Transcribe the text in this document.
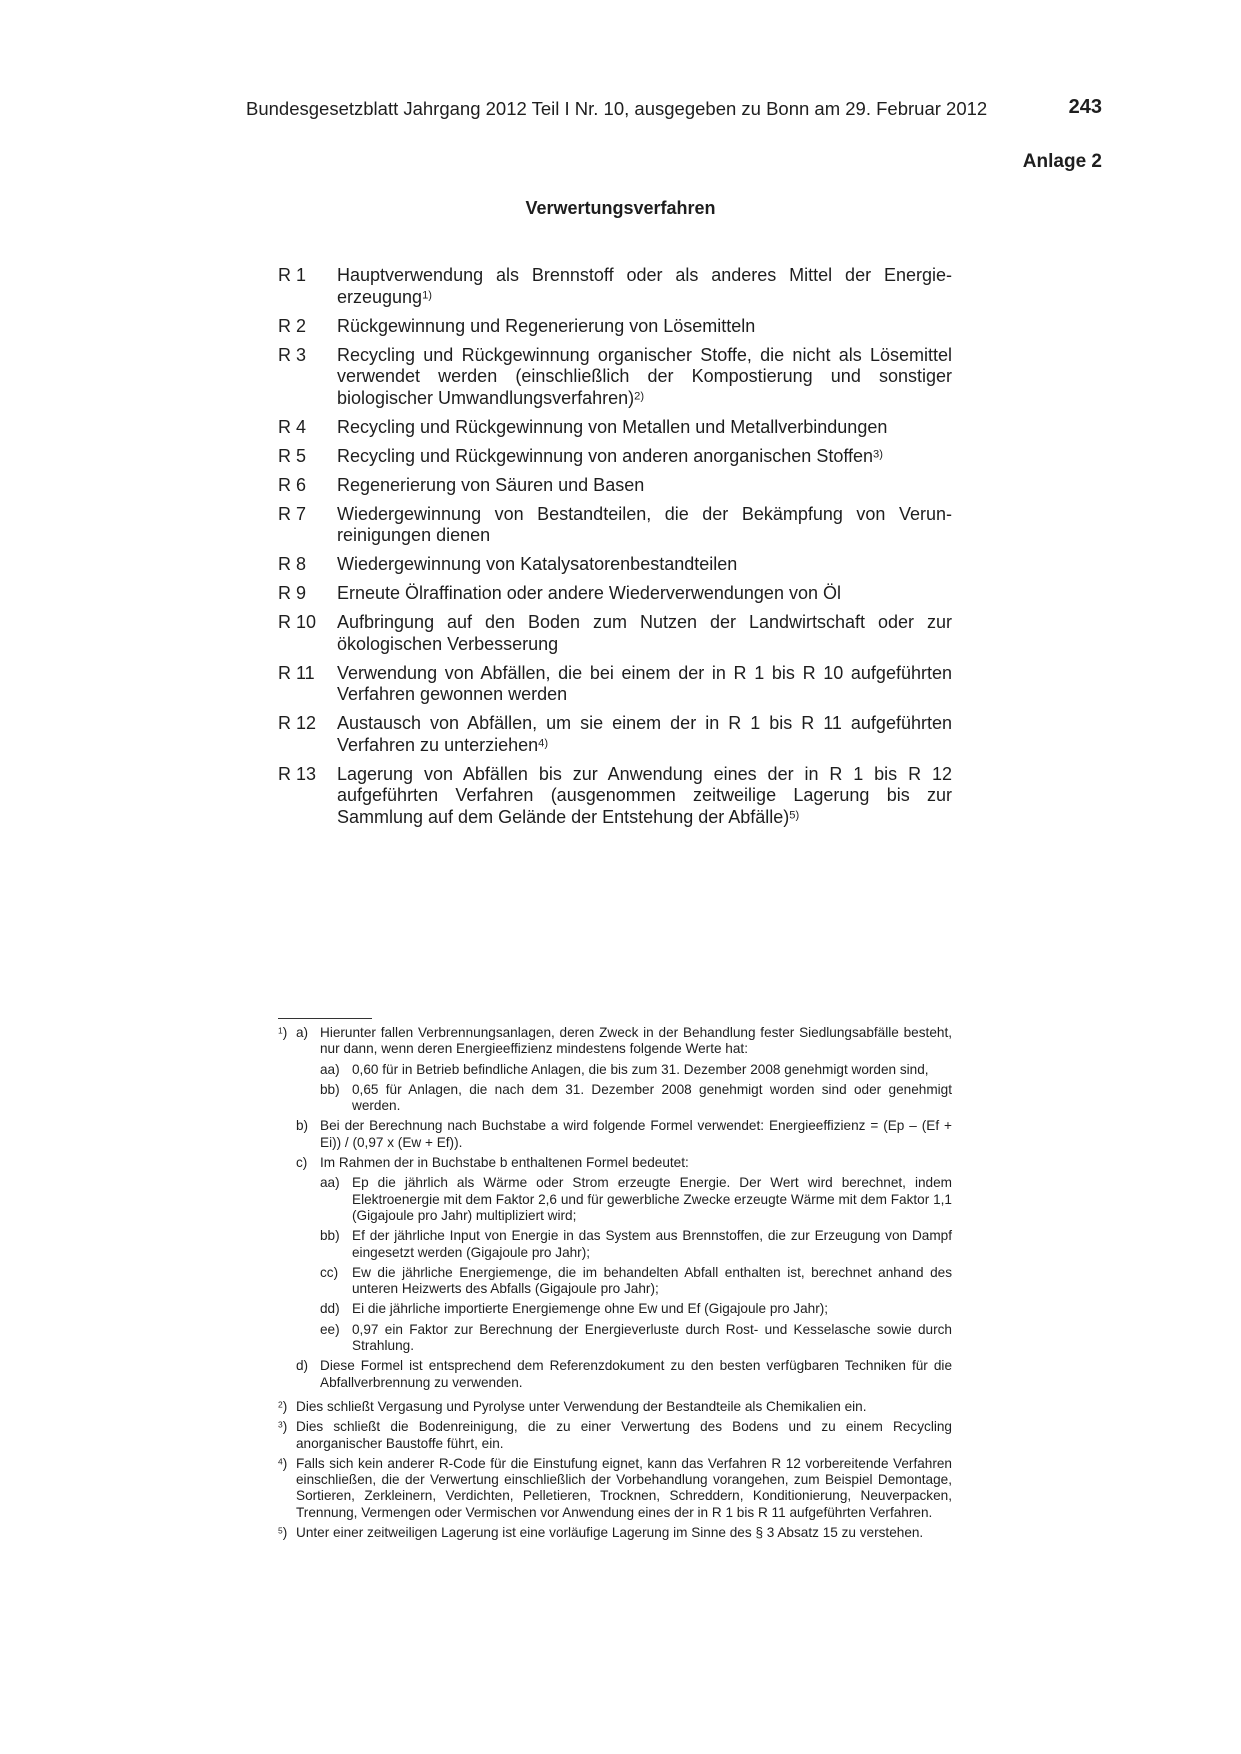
Bundesgesetzblatt Jahrgang 2012 Teil I Nr. 10, ausgegeben zu Bonn am 29. Februar 2012	243
Anlage 2
Verwertungsverfahren
R 1	Hauptverwendung als Brennstoff oder als anderes Mittel der Energieerzeugung$^{1)}$
R 2	Rückgewinnung und Regenerierung von Lösemitteln
R 3	Recycling und Rückgewinnung organischer Stoffe, die nicht als Lösemittel verwendet werden (einschließlich der Kompostierung und sonstiger biologischer Umwandlungsverfahren)$^{2)}$
R 4	Recycling und Rückgewinnung von Metallen und Metallverbindungen
R 5	Recycling und Rückgewinnung von anderen anorganischen Stoffen$^{3)}$
R 6	Regenerierung von Säuren und Basen
R 7	Wiedergewinnung von Bestandteilen, die der Bekämpfung von Verunreinigungen dienen
R 8	Wiedergewinnung von Katalysatorenbestandteilen
R 9	Erneute Ölraffination oder andere Wiederverwendungen von Öl
R 10	Aufbringung auf den Boden zum Nutzen der Landwirtschaft oder zur ökologischen Verbesserung
R 11	Verwendung von Abfällen, die bei einem der in R 1 bis R 10 aufgeführten Verfahren gewonnen werden
R 12	Austausch von Abfällen, um sie einem der in R 1 bis R 11 aufgeführten Verfahren zu unterziehen$^{4)}$
R 13	Lagerung von Abfällen bis zur Anwendung eines der in R 1 bis R 12 aufgeführten Verfahren (ausgenommen zeitweilige Lagerung bis zur Sammlung auf dem Gelände der Entstehung der Abfälle)$^{5)}$
$^1$) a) Hierunter fallen Verbrennungsanlagen, deren Zweck in der Behandlung fester Siedlungsabfälle besteht, nur dann, wenn deren Energieeffizienz mindestens folgende Werte hat:
aa) 0,60 für in Betrieb befindliche Anlagen, die bis zum 31. Dezember 2008 genehmigt worden sind,
bb) 0,65 für Anlagen, die nach dem 31. Dezember 2008 genehmigt worden sind oder genehmigt werden.
b) Bei der Berechnung nach Buchstabe a wird folgende Formel verwendet: Energieeffizienz = (Ep – (Ef + Ei)) / (0,97 x (Ew + Ef)).
c) Im Rahmen der in Buchstabe b enthaltenen Formel bedeutet:
aa) Ep die jährlich als Wärme oder Strom erzeugte Energie. Der Wert wird berechnet, indem Elektroenergie mit dem Faktor 2,6 und für gewerbliche Zwecke erzeugte Wärme mit dem Faktor 1,1 (Gigajoule pro Jahr) multipliziert wird;
bb) Ef der jährliche Input von Energie in das System aus Brennstoffen, die zur Erzeugung von Dampf eingesetzt werden (Gigajoule pro Jahr);
cc)	Ew die jährliche Energiemenge, die im behandelten Abfall enthalten ist, berechnet anhand des unteren Heizwerts des Abfalls (Gigajoule pro Jahr);
dd) Ei die jährliche importierte Energiemenge ohne Ew und Ef (Gigajoule pro Jahr);
ee) 0,97 ein Faktor zur Berechnung der Energieverluste durch Rost- und Kesselasche sowie durch Strahlung.
d) Diese Formel ist entsprechend dem Referenzdokument zu den besten verfügbaren Techniken für die Abfallverbrennung zu verwenden.
$^2$) Dies schließt Vergasung und Pyrolyse unter Verwendung der Bestandteile als Chemikalien ein.
$^3$) Dies schließt die Bodenreinigung, die zu einer Verwertung des Bodens und zu einem Recycling anorganischer Baustoffe führt, ein.
$^4$) Falls sich kein anderer R-Code für die Einstufung eignet, kann das Verfahren R 12 vorbereitende Verfahren einschließen, die der Verwertung einschließlich der Vorbehandlung vorangehen, zum Beispiel Demontage, Sortieren, Zerkleinern, Verdichten, Pelletieren, Trocknen, Schreddern, Konditionierung, Neuverpacken, Trennung, Vermengen oder Vermischen vor Anwendung eines der in R 1 bis R 11 aufgeführten Verfahren.
$^5$) Unter einer zeitweiligen Lagerung ist eine vorläufige Lagerung im Sinne des § 3 Absatz 15 zu verstehen.
